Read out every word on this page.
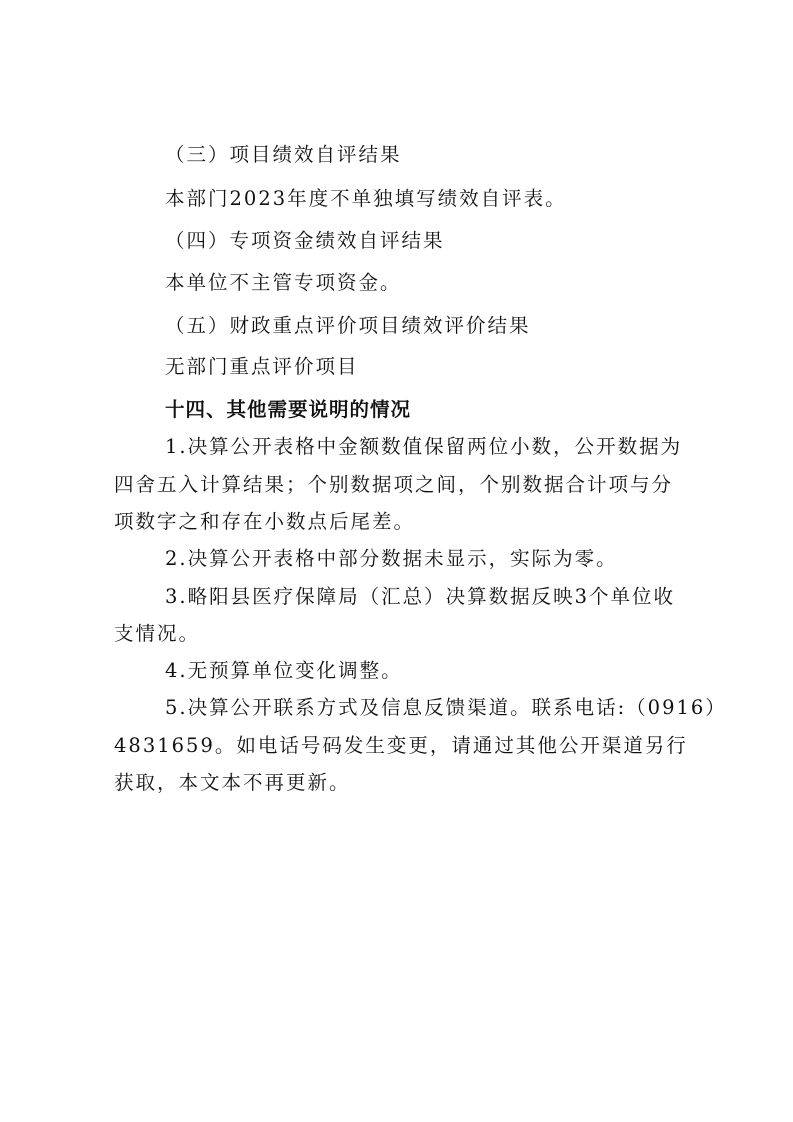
（三）项目绩效自评结果
本部门2023年度不单独填写绩效自评表。
（四）专项资金绩效自评结果
本单位不主管专项资金。
（五）财政重点评价项目绩效评价结果
无部门重点评价项目
十四、其他需要说明的情况
1.决算公开表格中金额数值保留两位小数，公开数据为
四舍五入计算结果；个别数据项之间，个别数据合计项与分
项数字之和存在小数点后尾差。
2.决算公开表格中部分数据未显示，实际为零。
3.略阳县医疗保障局（汇总）决算数据反映3个单位收
支情况。
4.无预算单位变化调整。
5.决算公开联系方式及信息反馈渠道。联系电话:（0916）
4831659。如电话号码发生变更，请通过其他公开渠道另行
获取，本文本不再更新。
